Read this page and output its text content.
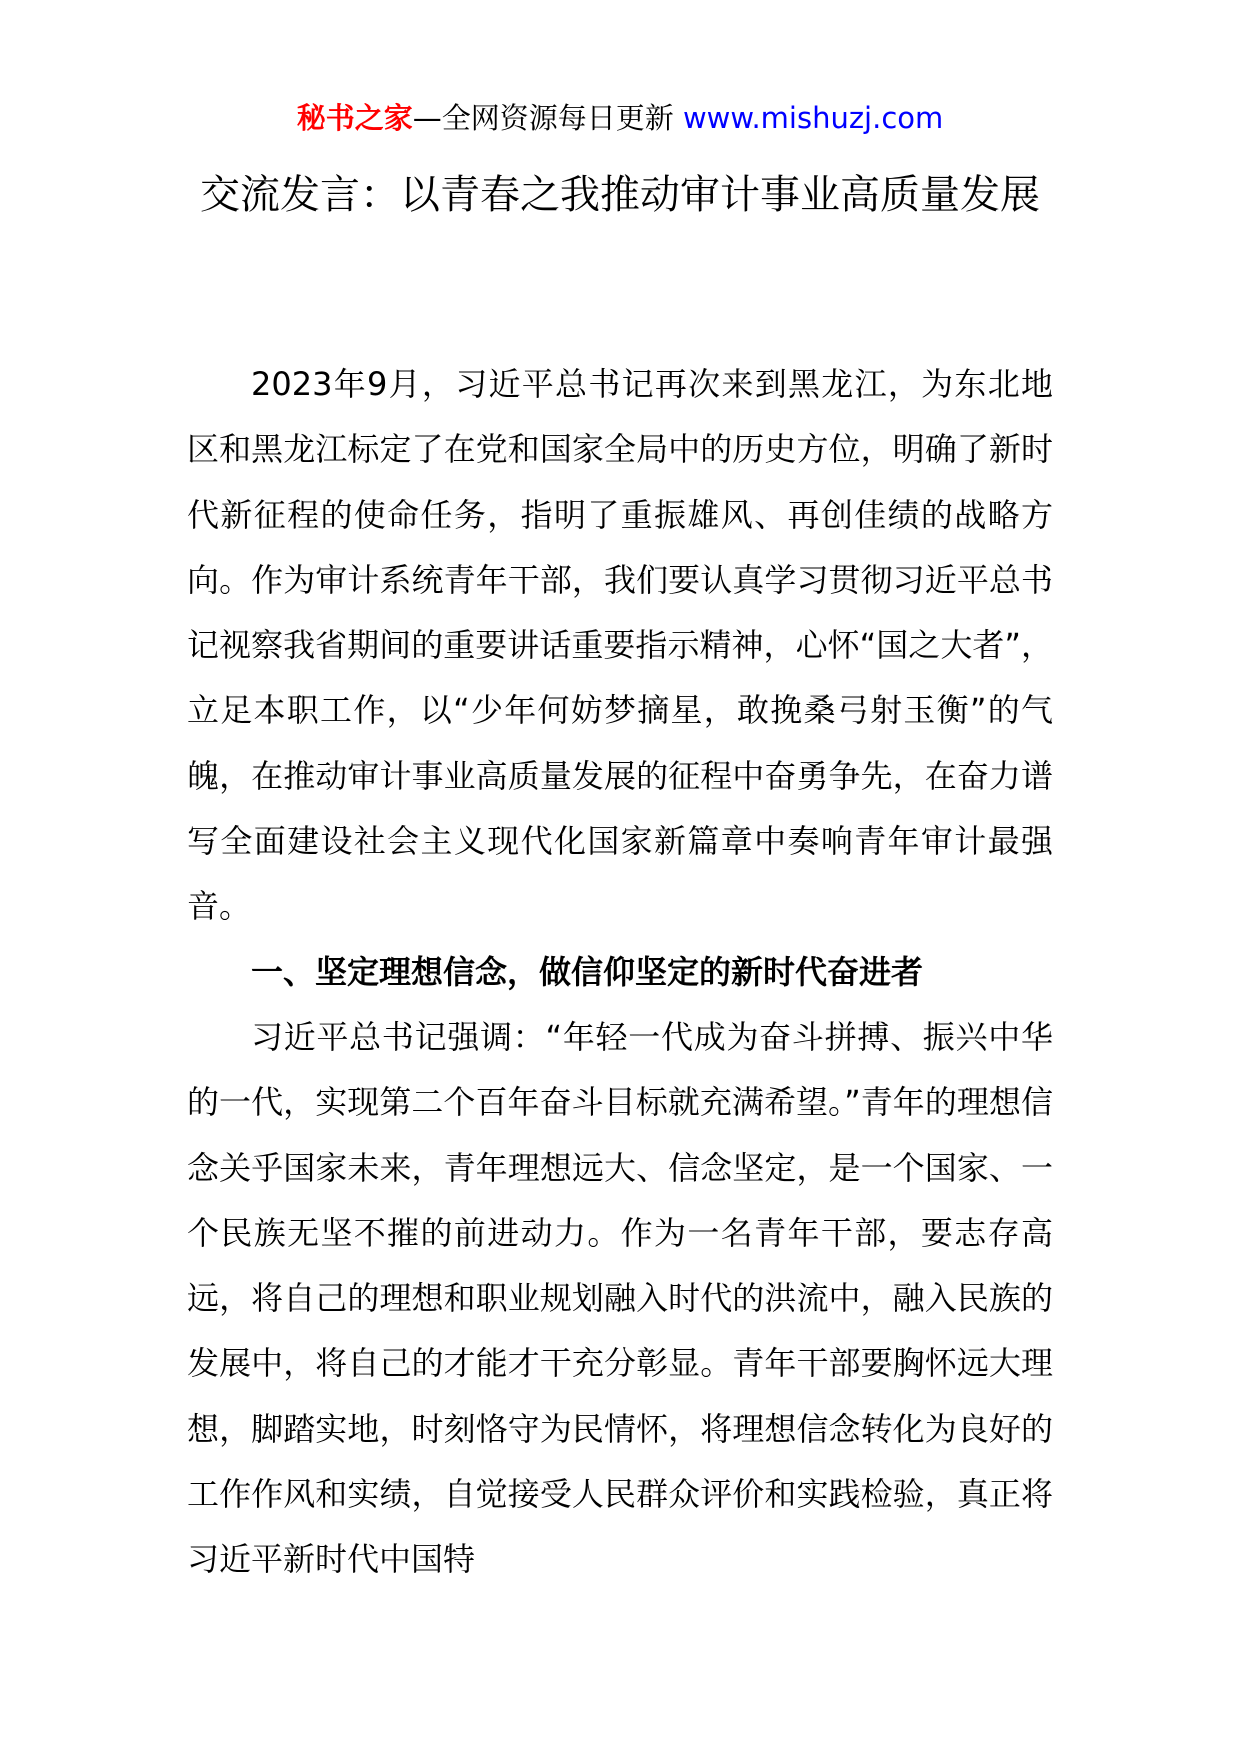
秘书之家—全网资源每日更新 www.mishuzj.com
交流发言：以青春之我推动审计事业高质量发展

2023年9月，习近平总书记再次来到黑龙江，为东北地区和黑龙江标定了在党和国家全局中的历史方位，明确了新时代新征程的使命任务，指明了重振雄风、再创佳绩的战略方向。作为审计系统青年干部，我们要认真学习贯彻习近平总书记视察我省期间的重要讲话重要指示精神，心怀“国之大者”，立足本职工作，以“少年何妨梦摘星，敢挽桑弓射玉衡”的气魄，在推动审计事业高质量发展的征程中奋勇争先，在奋力谱写全面建设社会主义现代化国家新篇章中奏响青年审计最强音。

一、坚定理想信念，做信仰坚定的新时代奋进者

习近平总书记强调：“年轻一代成为奋斗拼搏、振兴中华的一代，实现第二个百年奋斗目标就充满希望。”青年的理想信念关乎国家未来，青年理想远大、信念坚定，是一个国家、一个民族无坚不摧的前进动力。作为一名青年干部，要志存高远，将自己的理想和职业规划融入时代的洪流中，融入民族的发展中，将自己的才能才干充分彰显。青年干部要胸怀远大理想，脚踏实地，时刻恪守为民情怀，将理想信念转化为良好的工作作风和实绩，自觉接受人民群众评价和实践检验，真正将习近平新时代中国特
